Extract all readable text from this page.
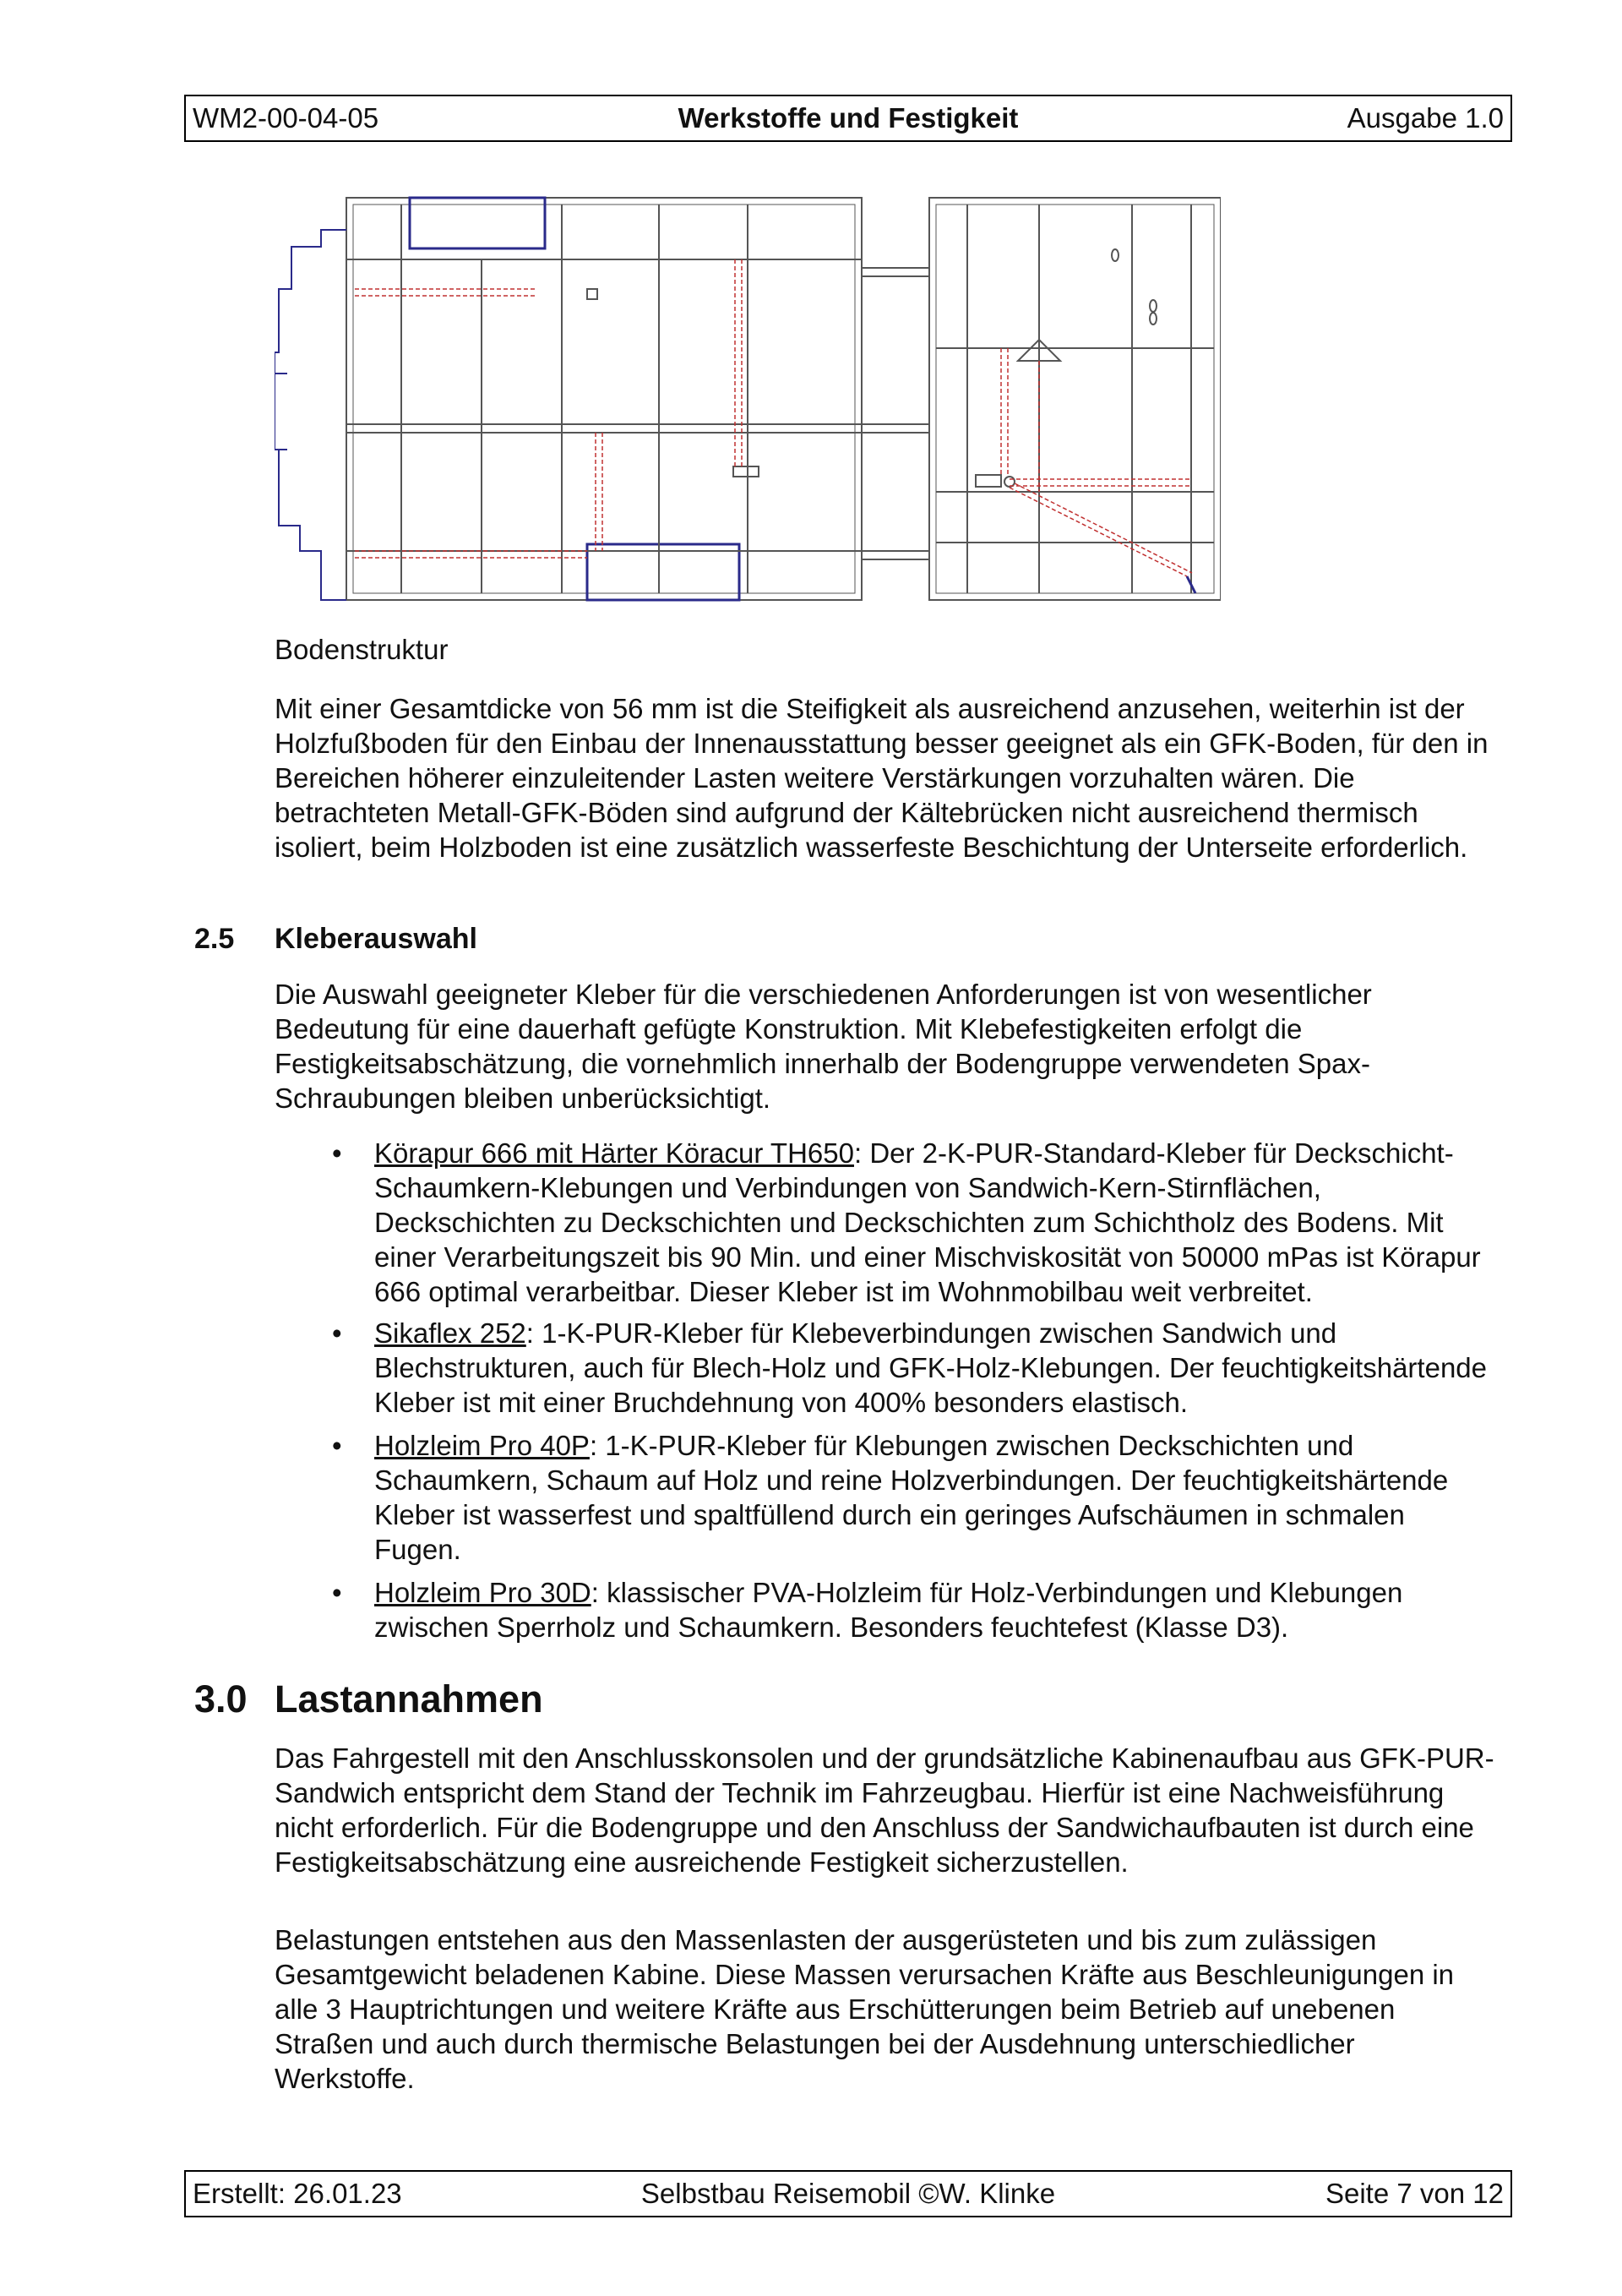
WM2-00-04-05	Werkstoffe und Festigkeit	Ausgabe 1.0

Bodenstruktur

Mit einer Gesamtdicke von 56 mm ist die Steifigkeit als ausreichend anzusehen, weiterhin ist der Holzfußboden für den Einbau der Innenausstattung besser geeignet als ein GFK-Boden, für den in Bereichen höherer einzuleitender Lasten weitere Verstärkungen vorzuhalten wären. Die betrachteten Metall-GFK-Böden sind aufgrund der Kältebrücken nicht ausreichend thermisch isoliert, beim Holzboden ist eine zusätzlich wasserfeste Beschichtung der Unterseite erforderlich.

2.5 Kleberauswahl

Die Auswahl geeigneter Kleber für die verschiedenen Anforderungen ist von wesentlicher Bedeutung für eine dauerhaft gefügte Konstruktion. Mit Klebefestigkeiten erfolgt die Festigkeitsabschätzung, die vornehmlich innerhalb der Bodengruppe verwendeten Spax-Schraubungen bleiben unberücksichtigt.

• Körapur 666 mit Härter Köracur TH650: Der 2-K-PUR-Standard-Kleber für Deckschicht-Schaumkern-Klebungen und Verbindungen von Sandwich-Kern-Stirnflächen, Deckschichten zu Deckschichten und Deckschichten zum Schichtholz des Bodens. Mit einer Verarbeitungszeit bis 90 Min. und einer Mischviskosität von 50000 mPas ist Körapur 666 optimal verarbeitbar. Dieser Kleber ist im Wohnmobilbau weit verbreitet.
• Sikaflex 252: 1-K-PUR-Kleber für Klebeverbindungen zwischen Sandwich und Blechstrukturen, auch für Blech-Holz und GFK-Holz-Klebungen. Der feuchtigkeitshärtende Kleber ist mit einer Bruchdehnung von 400% besonders elastisch.
• Holzleim Pro 40P: 1-K-PUR-Kleber für Klebungen zwischen Deckschichten und Schaumkern, Schaum auf Holz und reine Holzverbindungen. Der feuchtigkeitshärtende Kleber ist wasserfest und spaltfüllend durch ein geringes Aufschäumen in schmalen Fugen.
• Holzleim Pro 30D: klassischer PVA-Holzleim für Holz-Verbindungen und Klebungen zwischen Sperrholz und Schaumkern. Besonders feuchtefest (Klasse D3).
3.0 Lastannahmen

Das Fahrgestell mit den Anschlusskonsolen und der grundsätzliche Kabinenaufbau aus GFK-PUR-Sandwich entspricht dem Stand der Technik im Fahrzeugbau. Hierfür ist eine Nachweisführung nicht erforderlich. Für die Bodengruppe und den Anschluss der Sandwichaufbauten ist durch eine Festigkeitsabschätzung eine ausreichende Festigkeit sicherzustellen.

Belastungen entstehen aus den Massenlasten der ausgerüsteten und bis zum zulässigen Gesamtgewicht beladenen Kabine. Diese Massen verursachen Kräfte aus Beschleunigungen in alle 3 Hauptrichtungen und weitere Kräfte aus Erschütterungen beim Betrieb auf unebenen Straßen und auch durch thermische Belastungen bei der Ausdehnung unterschiedlicher Werkstoffe.

Erstellt: 26.01.23	Selbstbau Reisemobil ©W. Klinke	Seite 7 von 12
